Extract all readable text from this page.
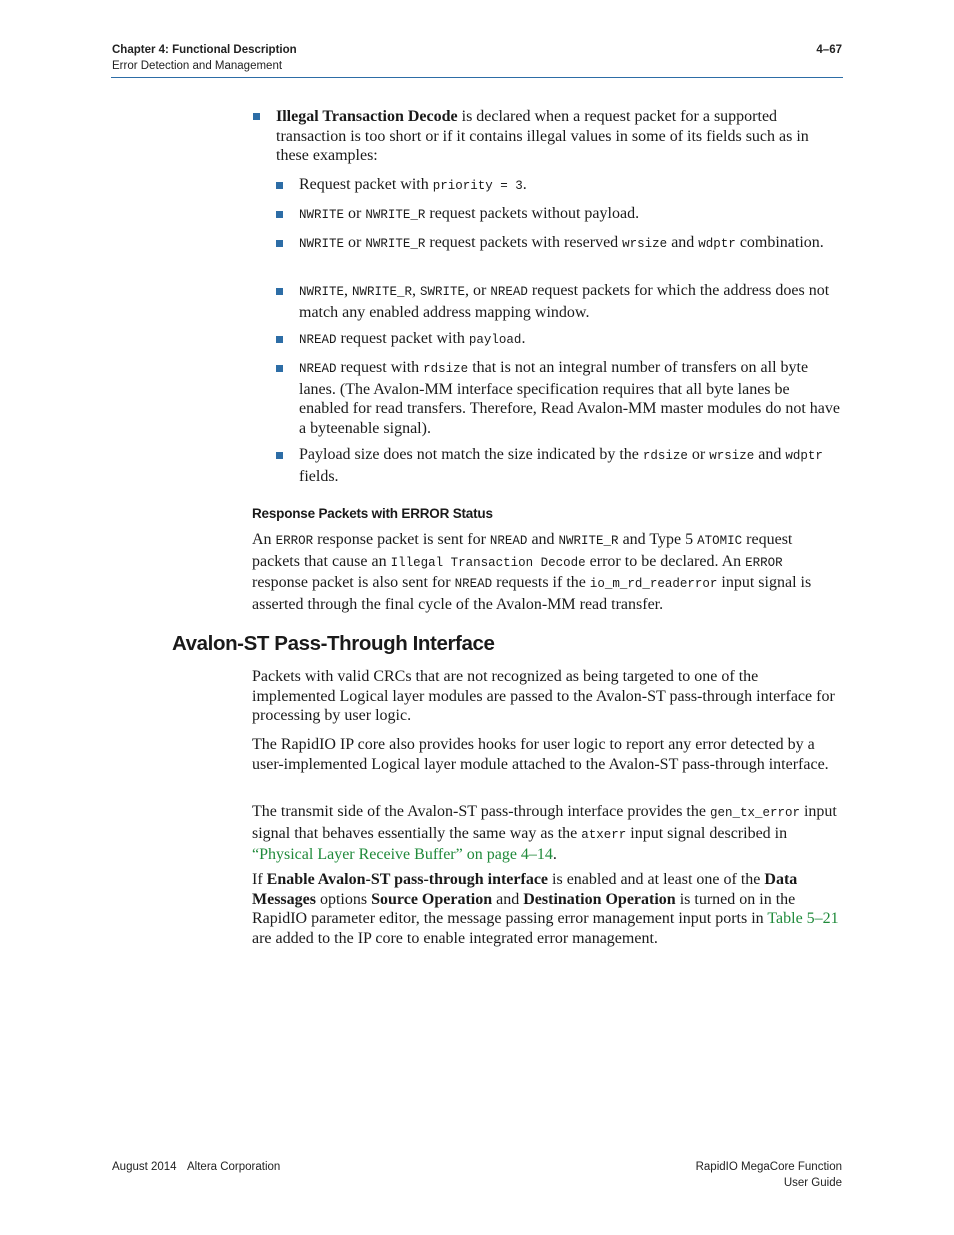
Chapter 4: Functional Description
Error Detection and Management
4–67

Illegal Transaction Decode is declared when a request packet for a supported transaction is too short or if it contains illegal values in some of its fields such as in these examples:

Request packet with priority = 3.

NWRITE or NWRITE_R request packets without payload.

NWRITE or NWRITE_R request packets with reserved wrsize and wdptr combination.

NWRITE, NWRITE_R, SWRITE, or NREAD request packets for which the address does not match any enabled address mapping window.

NREAD request packet with payload.

NREAD request with rdsize that is not an integral number of transfers on all byte lanes. (The Avalon-MM interface specification requires that all byte lanes be enabled for read transfers. Therefore, Read Avalon-MM master modules do not have a byteenable signal).

Payload size does not match the size indicated by the rdsize or wrsize and wdptr fields.

Response Packets with ERROR Status

An ERROR response packet is sent for NREAD and NWRITE_R and Type 5 ATOMIC request packets that cause an Illegal Transaction Decode error to be declared. An ERROR response packet is also sent for NREAD requests if the io_m_rd_readerror input signal is asserted through the final cycle of the Avalon-MM read transfer.

Avalon-ST Pass-Through Interface

Packets with valid CRCs that are not recognized as being targeted to one of the implemented Logical layer modules are passed to the Avalon-ST pass-through interface for processing by user logic.

The RapidIO IP core also provides hooks for user logic to report any error detected by a user-implemented Logical layer module attached to the Avalon-ST pass-through interface.

The transmit side of the Avalon-ST pass-through interface provides the gen_tx_error input signal that behaves essentially the same way as the atxerr input signal described in “Physical Layer Receive Buffer” on page 4–14.

If Enable Avalon-ST pass-through interface is enabled and at least one of the Data Messages options Source Operation and Destination Operation is turned on in the RapidIO parameter editor, the message passing error management input ports in Table 5–21 are added to the IP core to enable integrated error management.

August 2014 Altera Corporation	RapidIO MegaCore Function
User Guide
